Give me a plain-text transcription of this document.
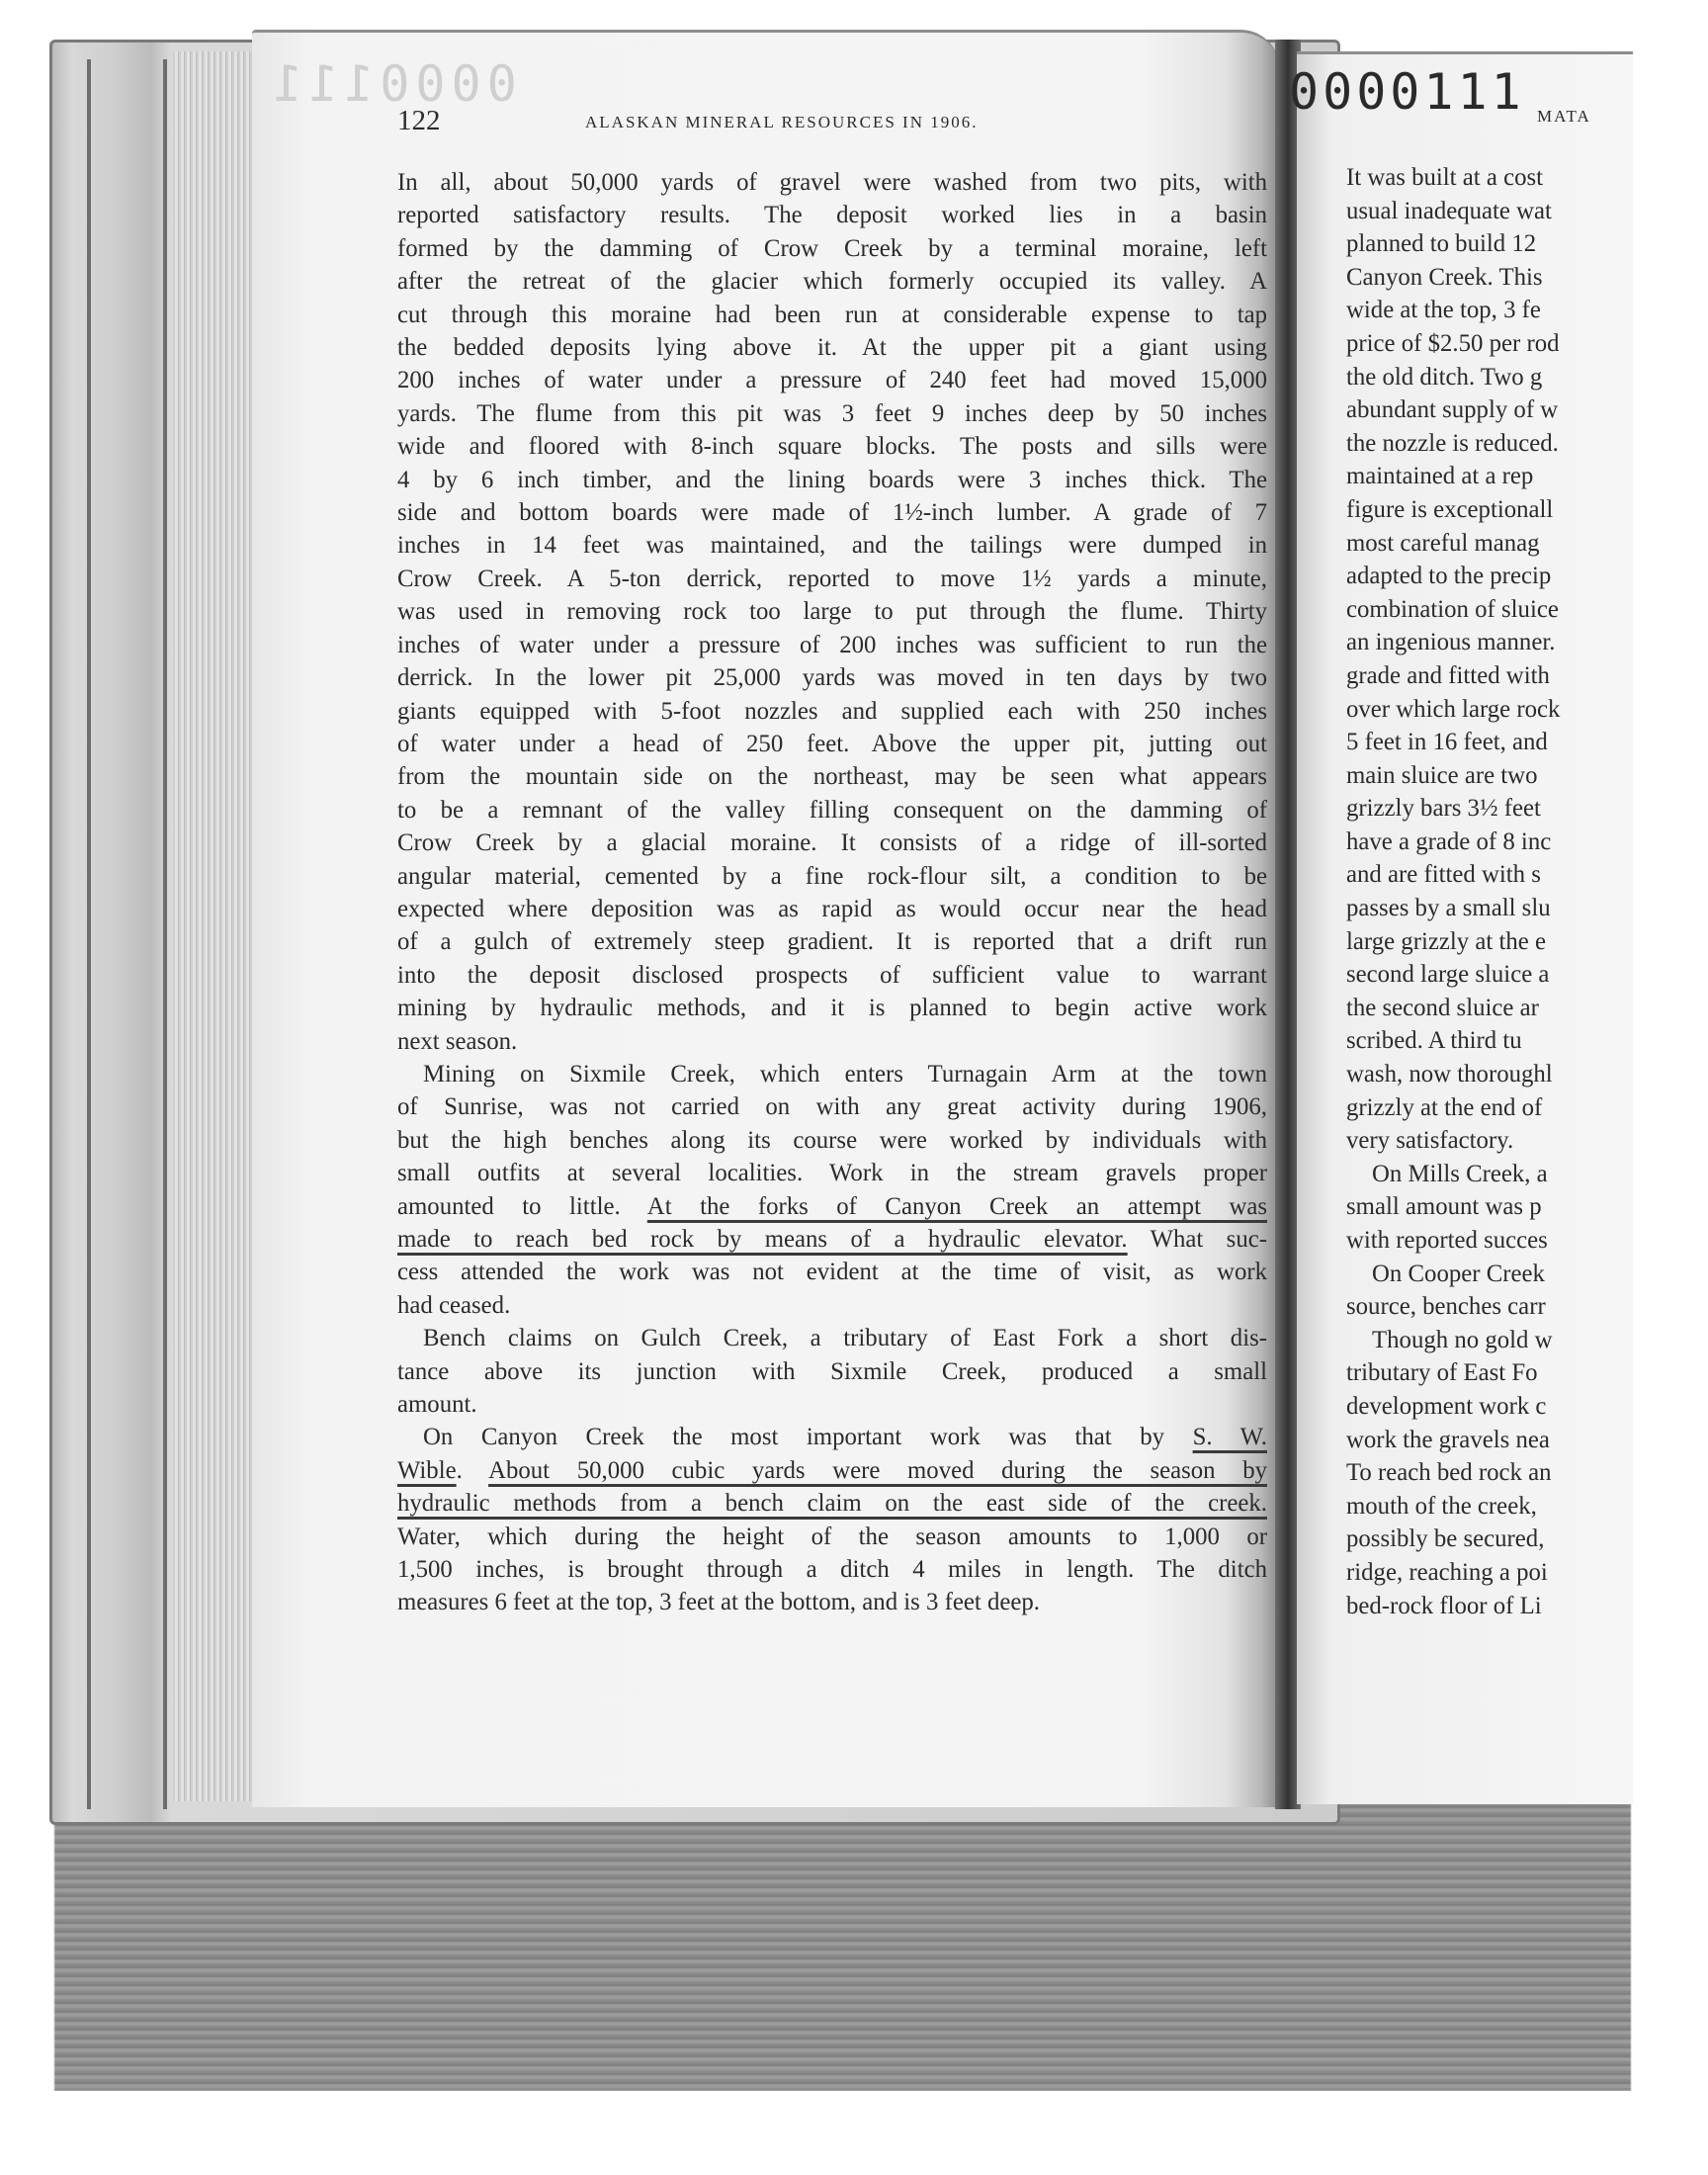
0000111
122	ALASKAN MINERAL RESOURCES IN 1906.

In all, about 50,000 yards of gravel were washed from two pits, with
reported satisfactory results. The deposit worked lies in a basin
formed by the damming of Crow Creek by a terminal moraine, left
after the retreat of the glacier which formerly occupied its valley. A
cut through this moraine had been run at considerable expense to tap
the bedded deposits lying above it. At the upper pit a giant using
200 inches of water under a pressure of 240 feet had moved 15,000
yards. The flume from this pit was 3 feet 9 inches deep by 50 inches
wide and floored with 8-inch square blocks. The posts and sills were
4 by 6 inch timber, and the lining boards were 3 inches thick. The
side and bottom boards were made of 1½-inch lumber. A grade of 7
inches in 14 feet was maintained, and the tailings were dumped in
Crow Creek. A 5-ton derrick, reported to move 1½ yards a minute,
was used in removing rock too large to put through the flume. Thirty
inches of water under a pressure of 200 inches was sufficient to run the
derrick. In the lower pit 25,000 yards was moved in ten days by two
giants equipped with 5-foot nozzles and supplied each with 250 inches
of water under a head of 250 feet. Above the upper pit, jutting out
from the mountain side on the northeast, may be seen what appears
to be a remnant of the valley filling consequent on the damming of
Crow Creek by a glacial moraine. It consists of a ridge of ill-sorted
angular material, cemented by a fine rock-flour silt, a condition to be
expected where deposition was as rapid as would occur near the head
of a gulch of extremely steep gradient. It is reported that a drift run
into the deposit disclosed prospects of sufficient value to warrant
mining by hydraulic methods, and it is planned to begin active work
next season.

Mining on Sixmile Creek, which enters Turnagain Arm at the town
of Sunrise, was not carried on with any great activity during 1906,
but the high benches along its course were worked by individuals with
small outfits at several localities. Work in the stream gravels proper
amounted to little. At the forks of Canyon Creek an attempt was
made to reach bed rock by means of a hydraulic elevator. What suc-
cess attended the work was not evident at the time of visit, as work
had ceased.

Bench claims on Gulch Creek, a tributary of East Fork a short dis-
tance above its junction with Sixmile Creek, produced a small
amount.

On Canyon Creek the most important work was that by S. W.
Wible. About 50,000 cubic yards were moved during the season by
hydraulic methods from a bench claim on the east side of the creek.
Water, which during the height of the season amounts to 1,000 or
1,500 inches, is brought through a ditch 4 miles in length. The ditch
measures 6 feet at the top, 3 feet at the bottom, and is 3 feet deep.

0000111 MATA
It was built at a cost
usual inadequate wat
planned to build 12
Canyon Creek. This
wide at the top, 3 fe
price of $2.50 per rod
the old ditch. Two g
abundant supply of w
the nozzle is reduced.
maintained at a rep
figure is exceptionall
most careful manag
adapted to the precip
combination of sluice
an ingenious manner.
grade and fitted with
over which large rock
5 feet in 16 feet, and
main sluice are two
grizzly bars 3½ feet
have a grade of 8 inc
and are fitted with s
passes by a small slu
large grizzly at the e
second large sluice a
the second sluice ar
scribed. A third tu
wash, now thoroughl
grizzly at the end of
very satisfactory.
On Mills Creek, a
small amount was p
with reported succes
On Cooper Creek
source, benches carr
Though no gold w
tributary of East Fo
development work c
work the gravels nea
To reach bed rock an
mouth of the creek,
possibly be secured,
ridge, reaching a poi
bed-rock floor of Li
